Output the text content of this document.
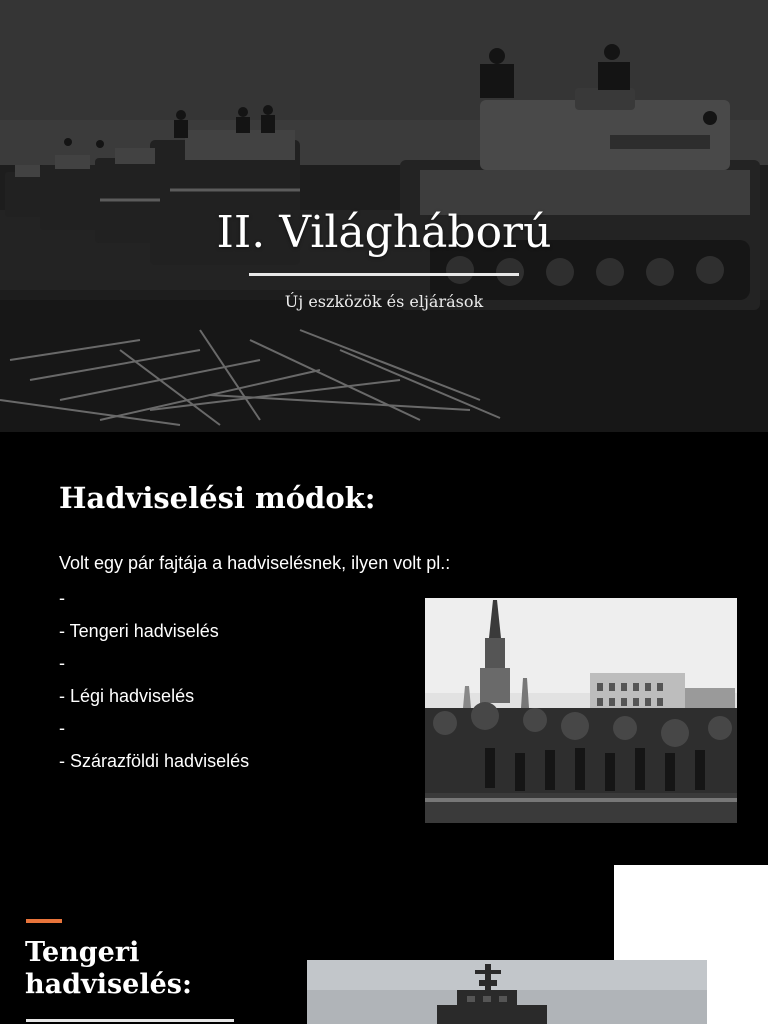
II. Világháború
Új eszközök és eljárások
Hadviselési módok:
Volt egy pár fajtája a hadviselésnek, ilyen volt pl.:
-
- Tengeri hadviselés
-
- Légi hadviselés
-
- Szárazföldi hadviselés
Tengeri
hadviselés:
